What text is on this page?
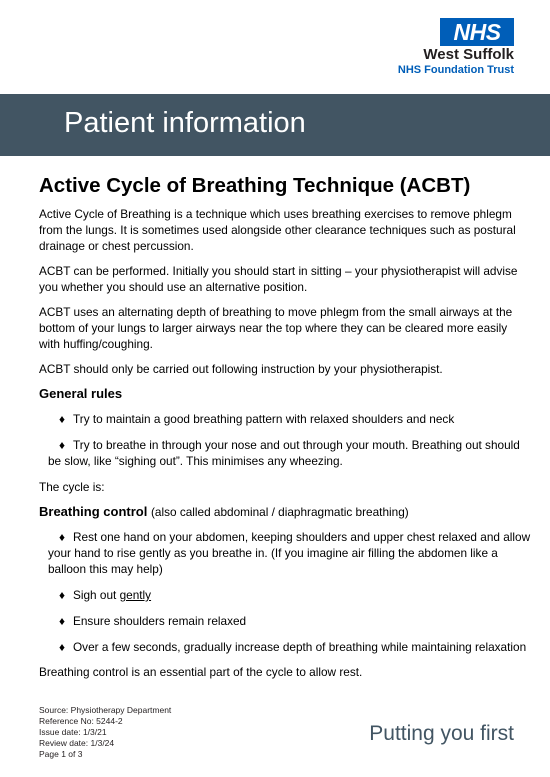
NHS
West Suffolk
NHS Foundation Trust
Patient information
Active Cycle of Breathing Technique (ACBT)

Active Cycle of Breathing is a technique which uses breathing exercises to remove phlegm from the lungs. It is sometimes used alongside other clearance techniques such as postural drainage or chest percussion.

ACBT can be performed. Initially you should start in sitting – your physiotherapist will advise you whether you should use an alternative position.

ACBT uses an alternating depth of breathing to move phlegm from the small airways at the bottom of your lungs to larger airways near the top where they can be cleared more easily with huffing/coughing.

ACBT should only be carried out following instruction by your physiotherapist.

General rules
♦ Try to maintain a good breathing pattern with relaxed shoulders and neck
♦ Try to breathe in through your nose and out through your mouth. Breathing out should be slow, like “sighing out”. This minimises any wheezing.

The cycle is:

Breathing control (also called abdominal / diaphragmatic breathing)
♦ Rest one hand on your abdomen, keeping shoulders and upper chest relaxed and allow your hand to rise gently as you breathe in. (If you imagine air filling the abdomen like a balloon this may help)
♦ Sigh out gently
♦ Ensure shoulders remain relaxed
♦ Over a few seconds, gradually increase depth of breathing while maintaining relaxation

Breathing control is an essential part of the cycle to allow rest.

Source: Physiotherapy Department
Reference No: 5244-2
Issue date: 1/3/21
Review date: 1/3/24
Page 1 of 3
Putting you first
